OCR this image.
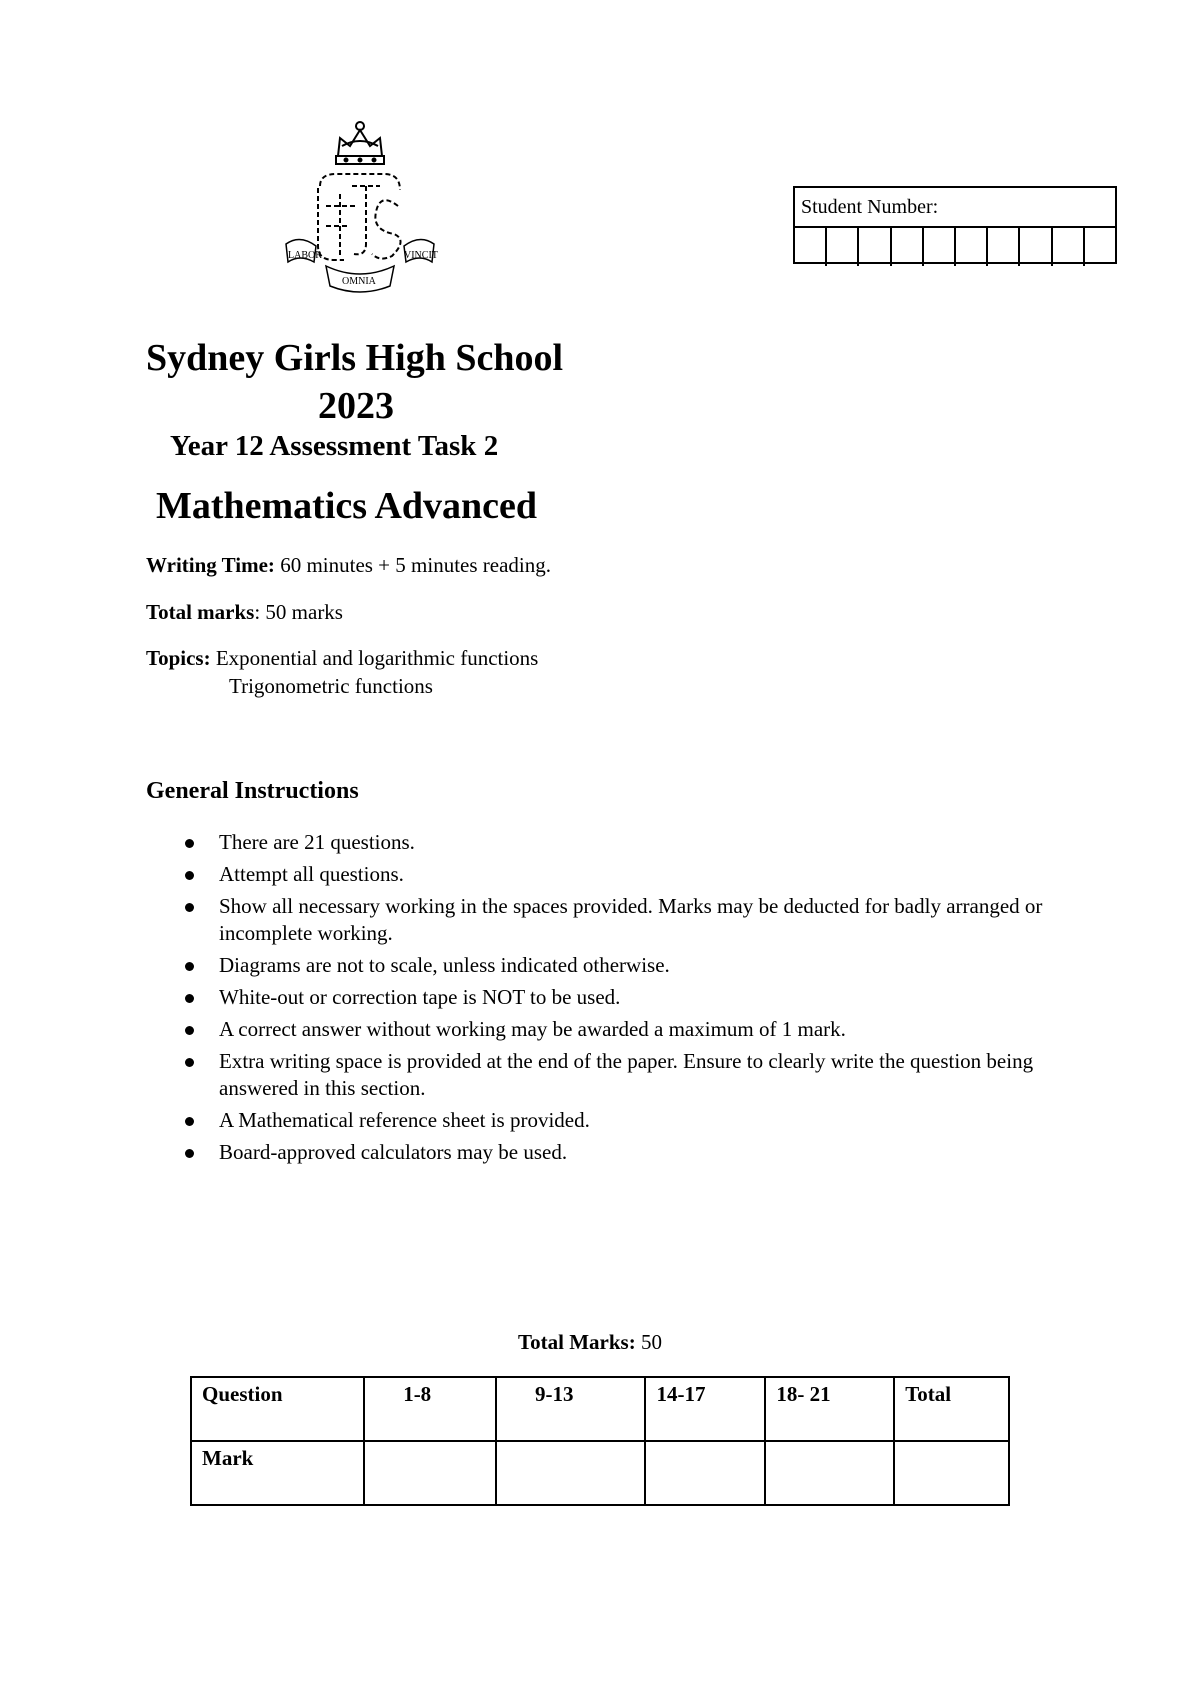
LABOR	VINCIT
OMNIA
Student Number:
Sydney Girls High School
2023
Year 12 Assessment Task 2
Mathematics Advanced
Writing Time: 60 minutes + 5 minutes reading.
Total marks: 50 marks
Topics: Exponential and logarithmic functions
Trigonometric functions
General Instructions
There are 21 questions.
Attempt all questions.
Show all necessary working in the spaces provided. Marks may be deducted for badly arranged or incomplete working.
Diagrams are not to scale, unless indicated otherwise.
White-out or correction tape is NOT to be used.
A correct answer without working may be awarded a maximum of 1 mark.
Extra writing space is provided at the end of the paper. Ensure to clearly write the question being answered in this section.
A Mathematical reference sheet is provided.
Board-approved calculators may be used.
Total Marks: 50
Question	1-8	9-13	14-17	18- 21	Total
Mark					
